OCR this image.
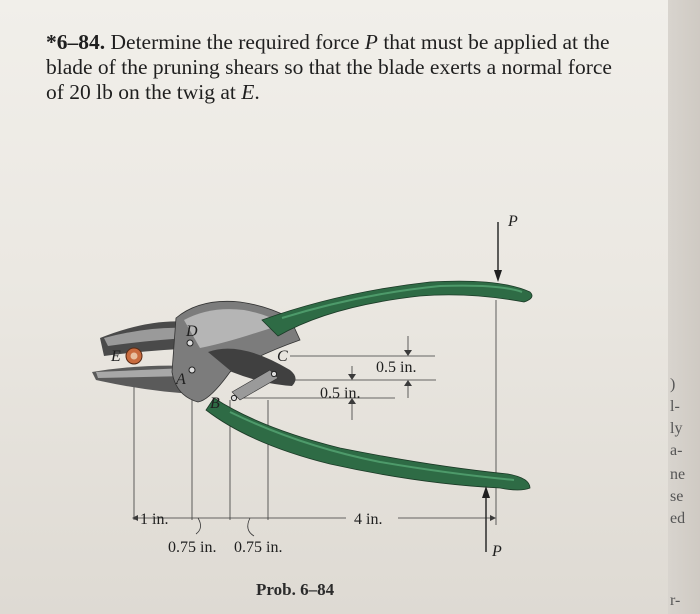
*6–84. Determine the required force P that must be applied at the blade of the pruning shears so that the blade exerts a normal force of 20 lb on the twig at E.
P
P
D
E	C
A
B
0.5 in.
0.5 in.
1 in.	4 in.
0.75 in. 0.75 in.
Prob. 6–84
)
l-
ly
a-
ne
se
ed
r-
